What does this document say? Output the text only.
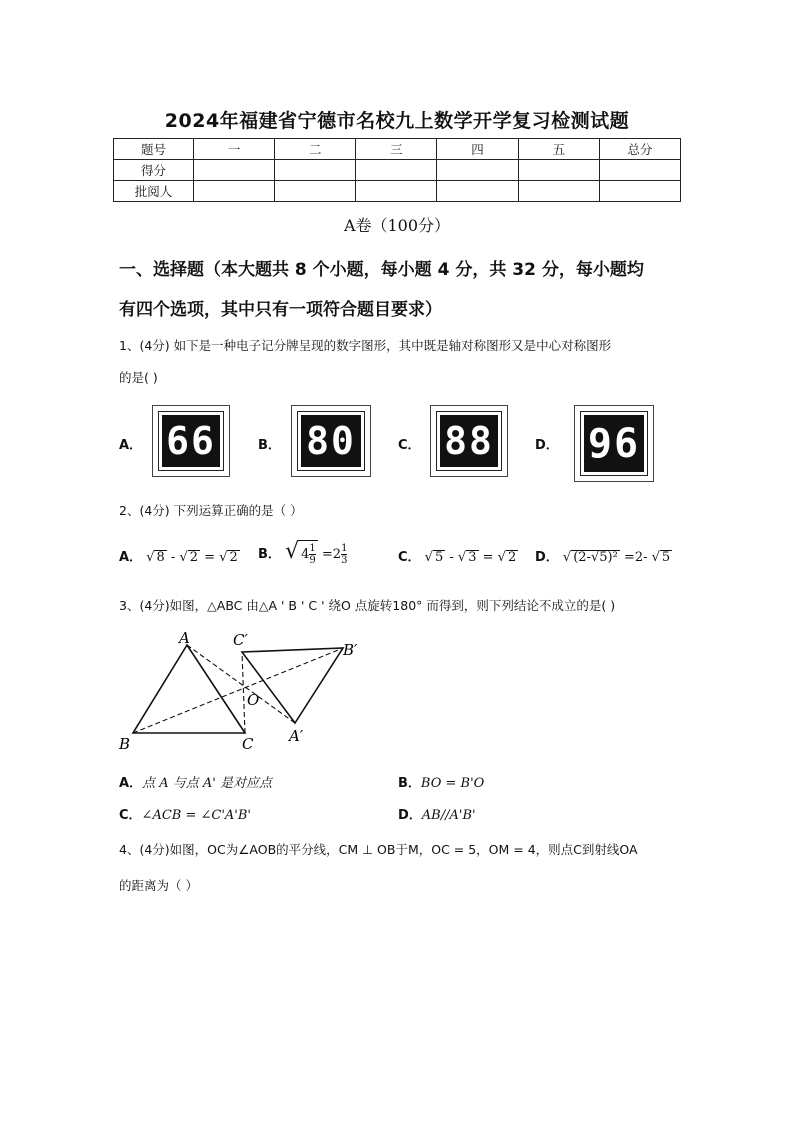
2024年福建省宁德市名校九上数学开学复习检测试题
题号	一	二	三	四	五	总分
得分						
批阅人						
A卷（100分）
一、选择题（本大题共 8 个小题，每小题 4 分，共 32 分，每小题均
有四个选项，其中只有一项符合题目要求）
1、(4分) 如下是一种电子记分牌呈现的数字图形，其中既是轴对称图形又是中心对称图形
的是( )
A． 66	B． 80	C． 88	D． 96
2、(4分) 下列运算正确的是（ ）
A． √ 8 - √ 2 = √ 2 B． √ $4 \frac{1}{9} =2 \frac{1}{3}$	C． √ 5 - √ 3 = √ 2 D． √ (2-√5)² =2- √ 5
3、(4分)如图，△ABC 由△A ' B ' C ' 绕O 点旋转180° 而得到，则下列结论不成立的是( )
A
B	C
O
C′
B′
A′
A．点 A 与点 A' 是对应点	B．BO = B'O
C．∠ACB = ∠C'A'B'	D．AB//A'B'
4、(4分)如图，OC为∠AOB的平分线，CM ⊥ OB于M，OC = 5，OM = 4，则点C到射线OA
的距离为（ ）
